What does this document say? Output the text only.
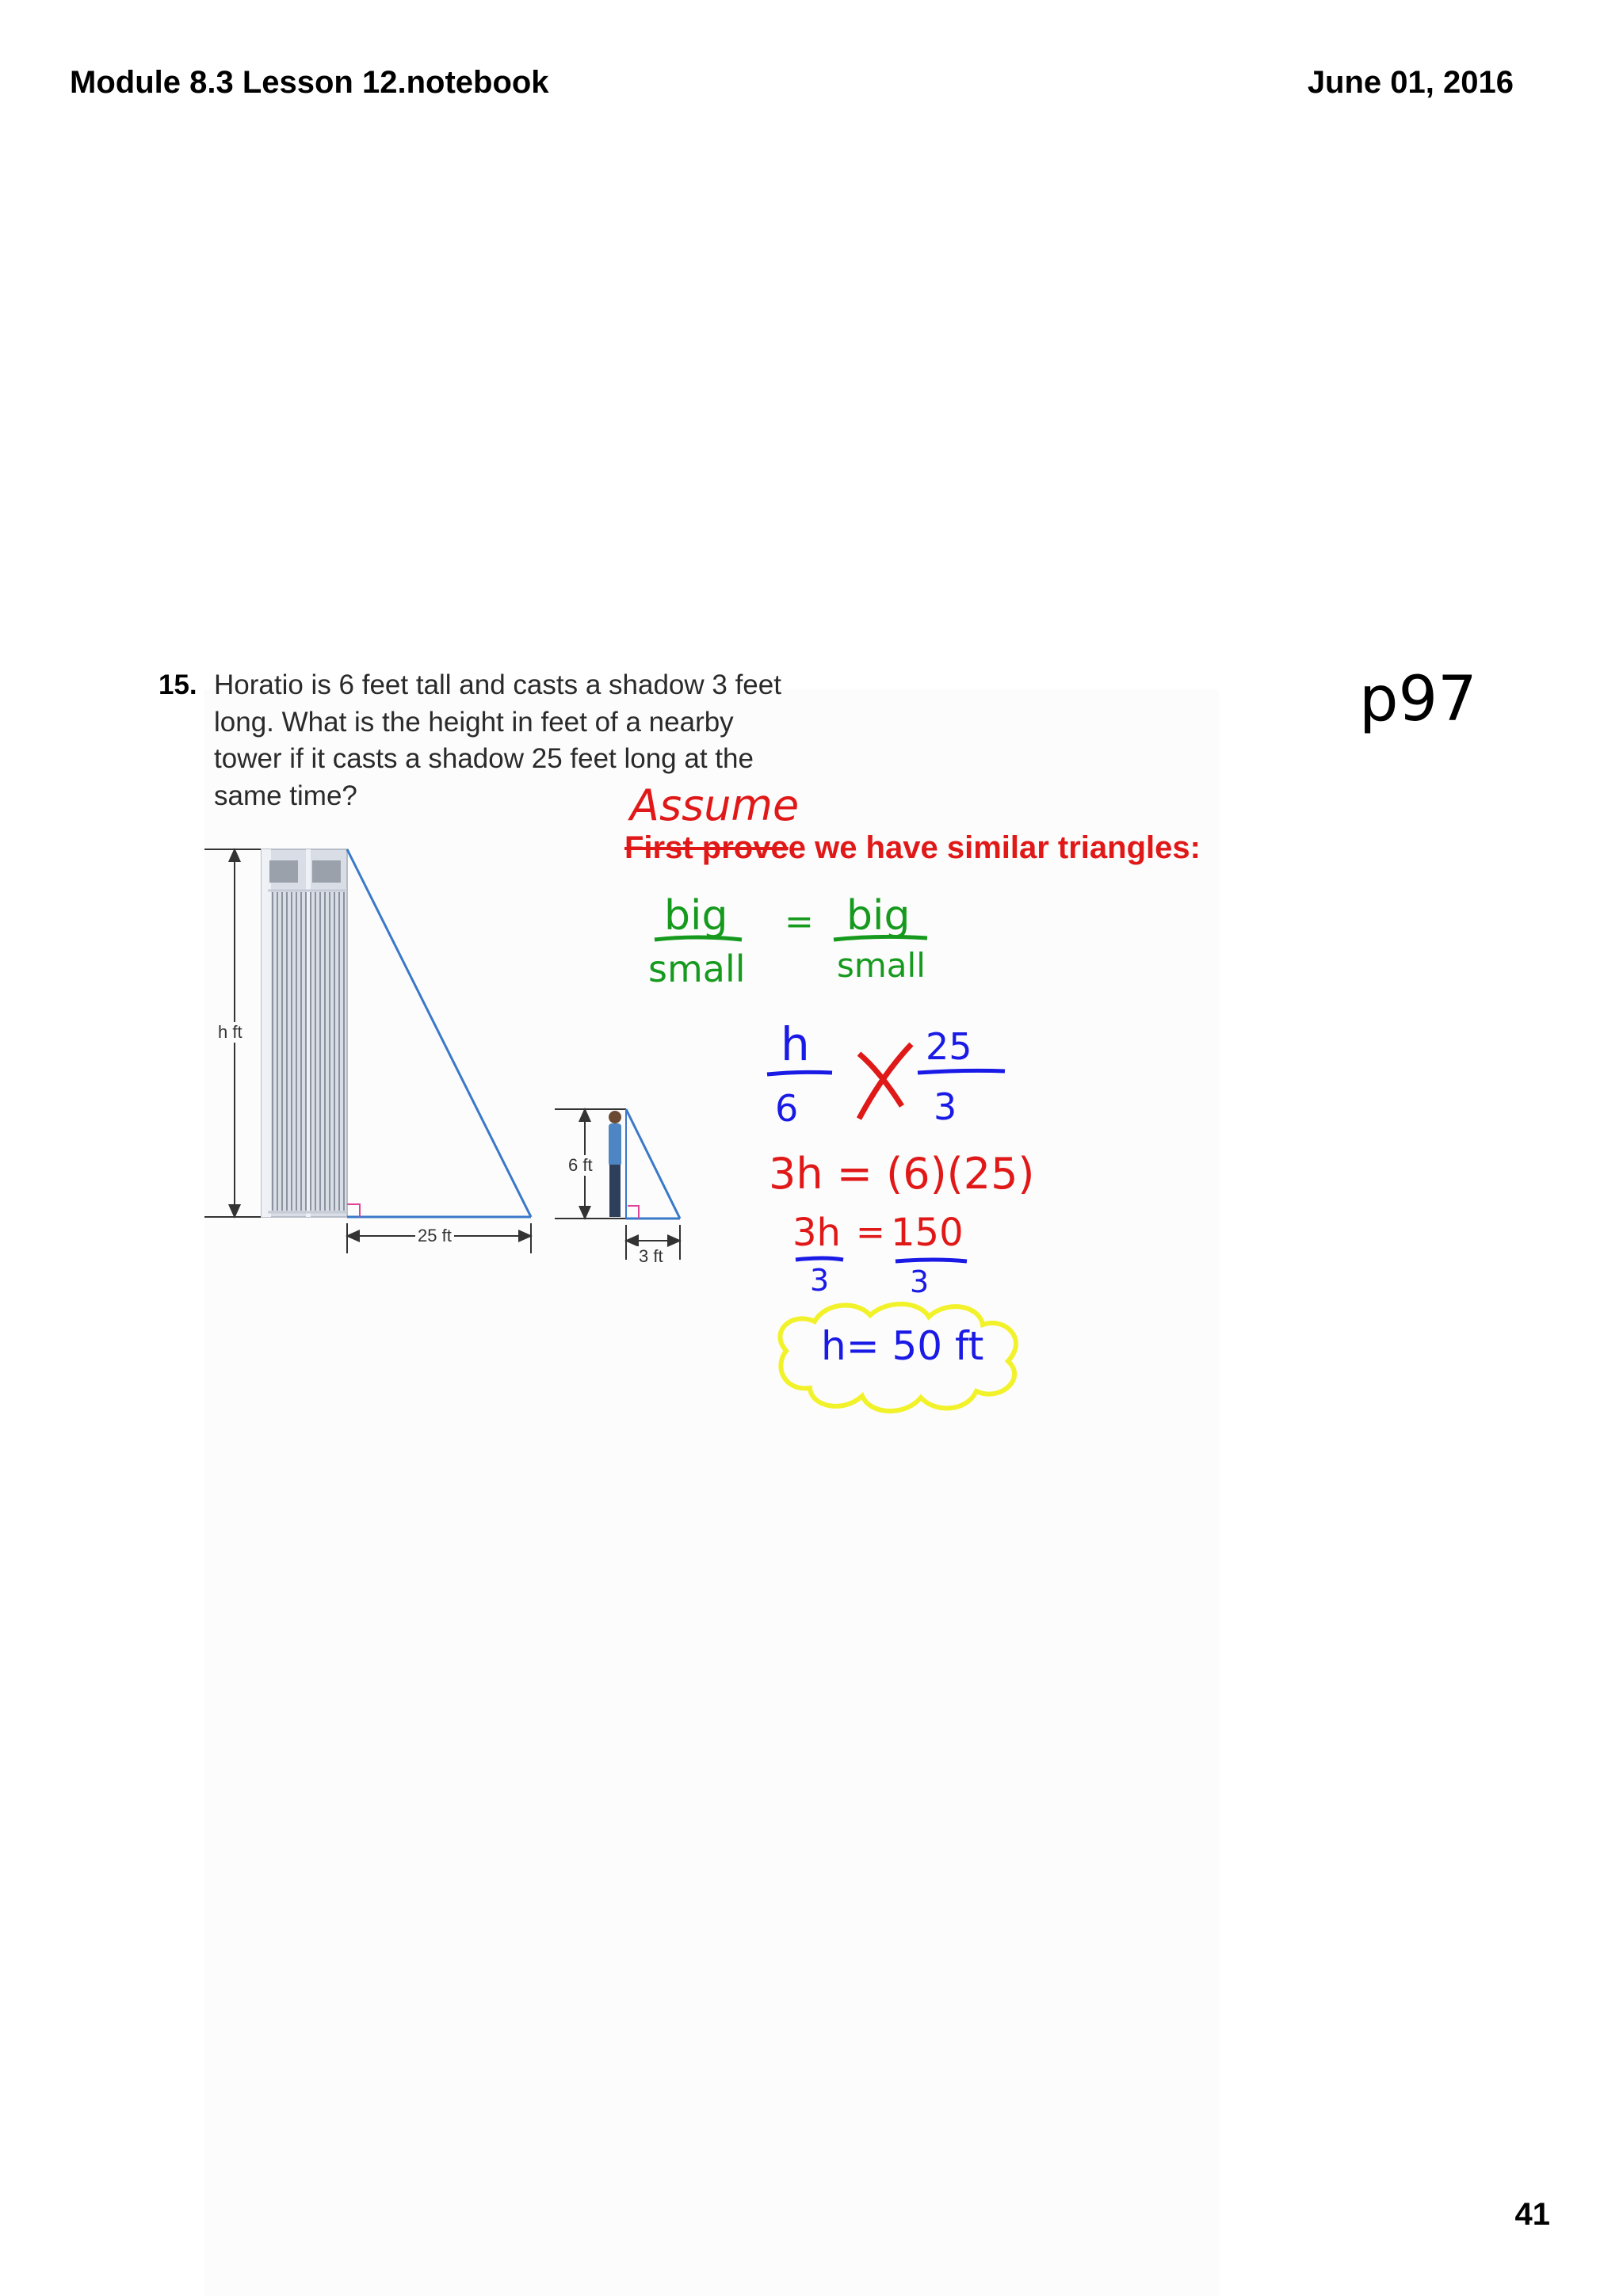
Module 8.3 Lesson 12.notebook	June 01, 2016
15. Horatio is 6 feet tall and casts a shadow 3 feet long. What is the height in feet of a nearby tower if it casts a shadow 25 feet long at the same time?
p97
h ft
25 ft
6 ft
3 ft
First provee we have similar triangles:
Assume
big = big
small	small
h
6
25
3
3h = (6)(25)
3h = 150
3	3
h= 50 ft
41
